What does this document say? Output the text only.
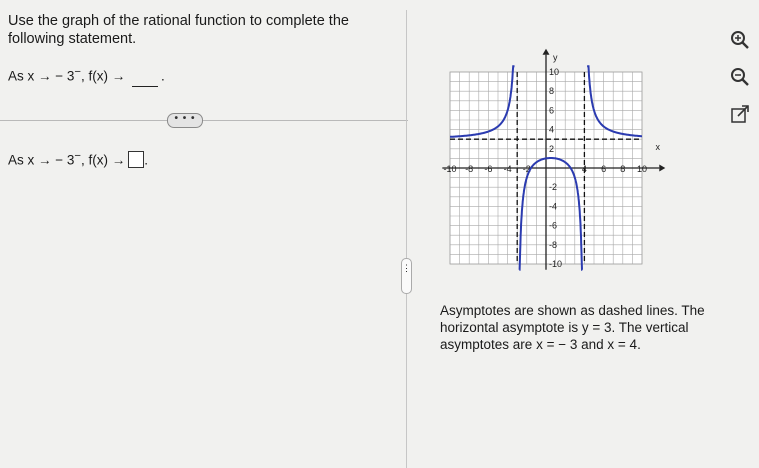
Use the graph of the rational function to complete the following statement.
As x → − 3−, f(x) →	.
• • •
As x → − 3−, f(x) → .
⋮
x
y
-10 -8 -6 -4 -2	4 6 8 10
10
8
6
4
2
-2
-4
-6
-8
-10
Asymptotes are shown as dashed lines. The
horizontal asymptote is y = 3. The vertical
asymptotes are x = − 3 and x = 4.
